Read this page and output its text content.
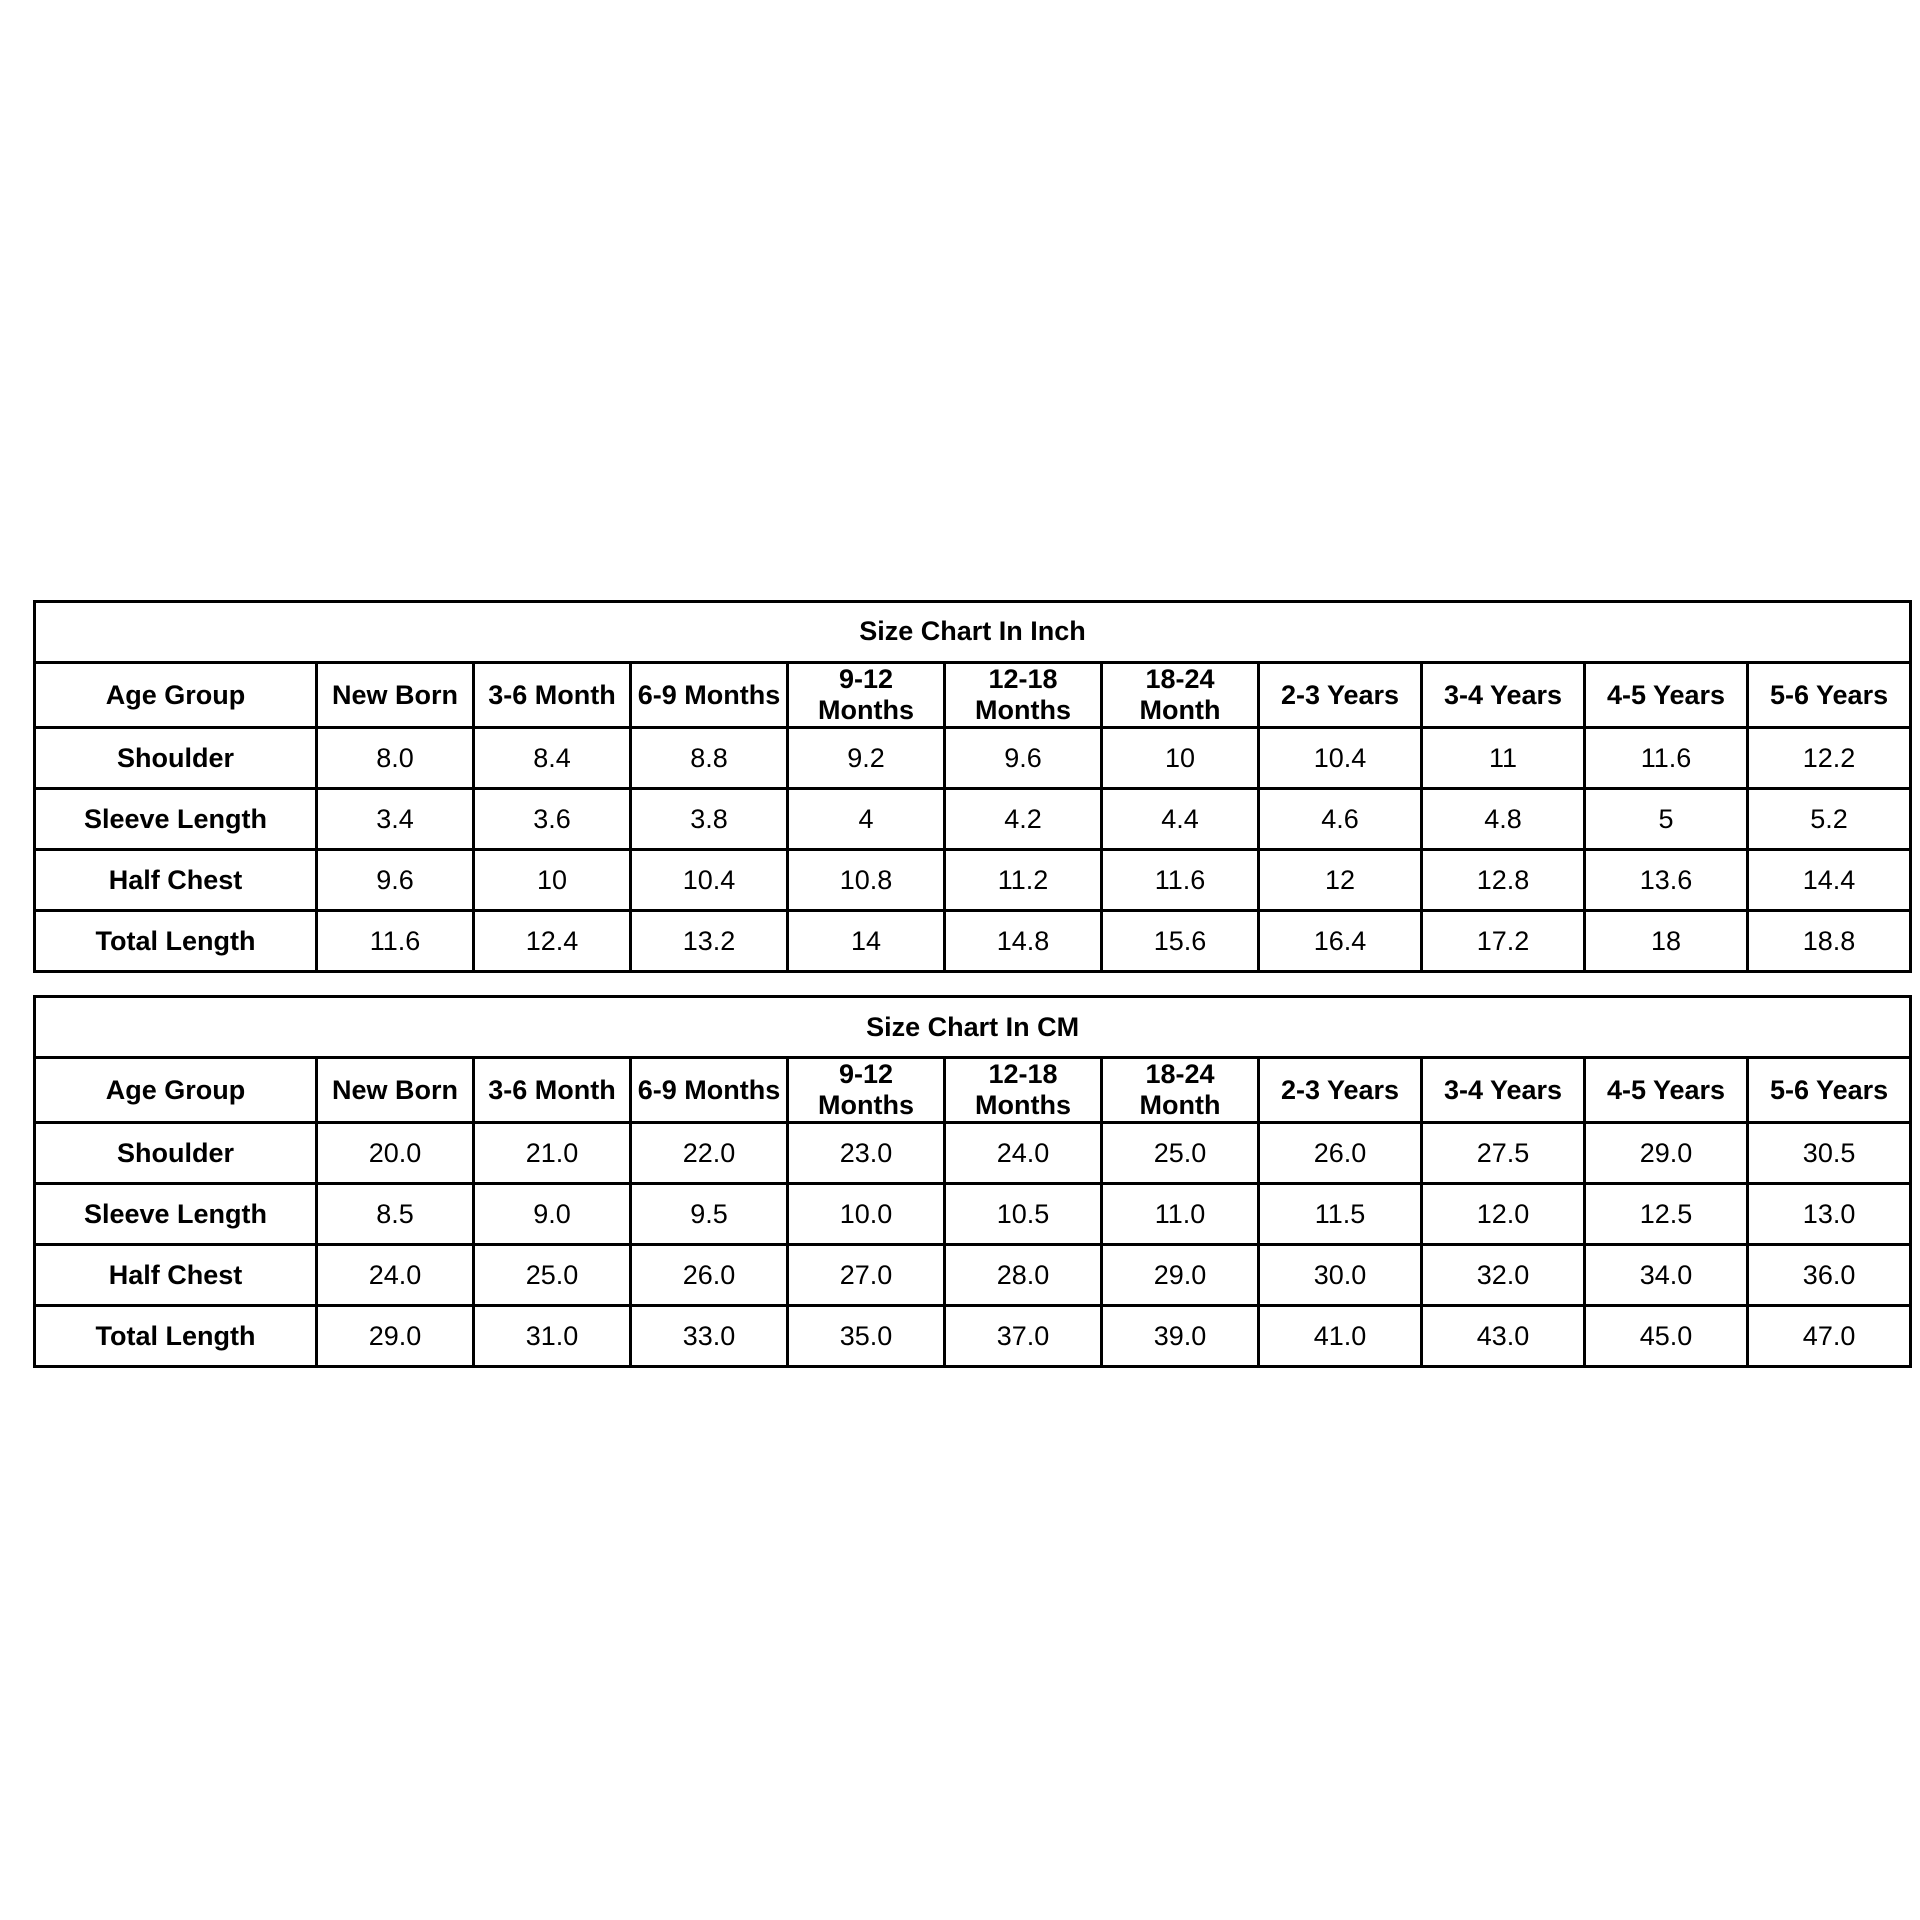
Size Chart In Inch										
Age Group	New Born	3-6 Month	6-9 Months	9-12 Months	12-18 Months	18-24 Month	2-3 Years	3-4 Years	4-5 Years	5-6 Years
Shoulder	8.0	8.4	8.8	9.2	9.6	10	10.4	11	11.6	12.2
Sleeve Length	3.4	3.6	3.8	4	4.2	4.4	4.6	4.8	5	5.2
Half Chest	9.6	10	10.4	10.8	11.2	11.6	12	12.8	13.6	14.4
Total Length	11.6	12.4	13.2	14	14.8	15.6	16.4	17.2	18	18.8
Size Chart In CM										
Age Group	New Born	3-6 Month	6-9 Months	9-12 Months	12-18 Months	18-24 Month	2-3 Years	3-4 Years	4-5 Years	5-6 Years
Shoulder	20.0	21.0	22.0	23.0	24.0	25.0	26.0	27.5	29.0	30.5
Sleeve Length	8.5	9.0	9.5	10.0	10.5	11.0	11.5	12.0	12.5	13.0
Half Chest	24.0	25.0	26.0	27.0	28.0	29.0	30.0	32.0	34.0	36.0
Total Length	29.0	31.0	33.0	35.0	37.0	39.0	41.0	43.0	45.0	47.0
